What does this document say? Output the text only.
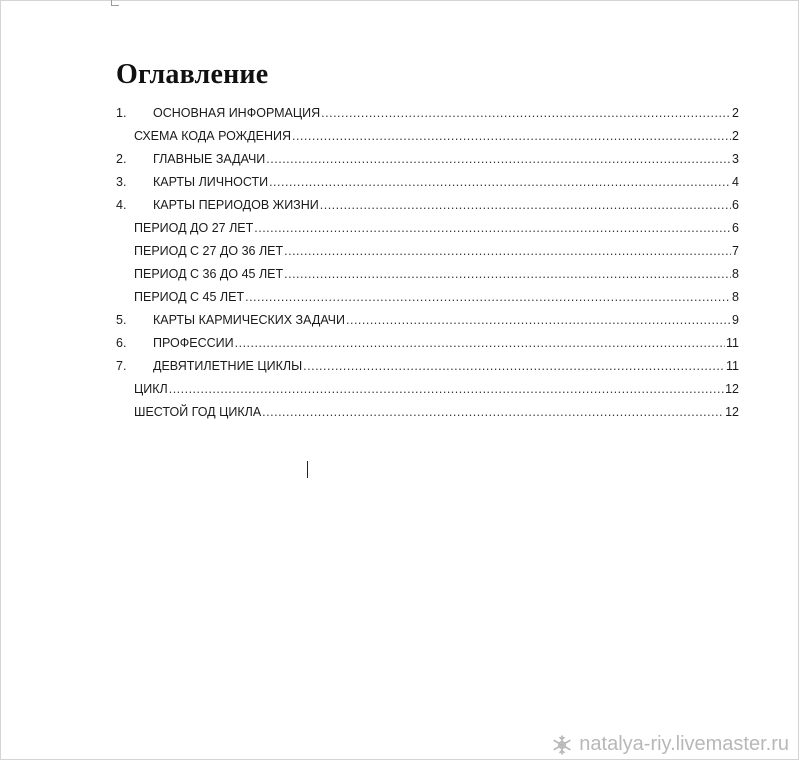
Оглавление
1.	ОСНОВНАЯ ИНФОРМАЦИЯ .....	2
СХЕМА КОДА РОЖДЕНИЯ .....	2
2.	ГЛАВНЫЕ ЗАДАЧИ .....	3
3.	КАРТЫ ЛИЧНОСТИ .....	4
4.	КАРТЫ ПЕРИОДОВ ЖИЗНИ .....	6
ПЕРИОД ДО 27 ЛЕТ .....	6
ПЕРИОД С 27 ДО 36 ЛЕТ .....	7
ПЕРИОД С 36 ДО 45 ЛЕТ .....	8
ПЕРИОД С 45 ЛЕТ .....	8
5.	КАРТЫ КАРМИЧЕСКИХ ЗАДАЧИ .....	9
6.	ПРОФЕССИИ .....	11
7.	ДЕВЯТИЛЕТНИЕ ЦИКЛЫ .....	11
ЦИКЛ .....	12
ШЕСТОЙ ГОД ЦИКЛА .....	12
natalya-riy.livemaster.ru
